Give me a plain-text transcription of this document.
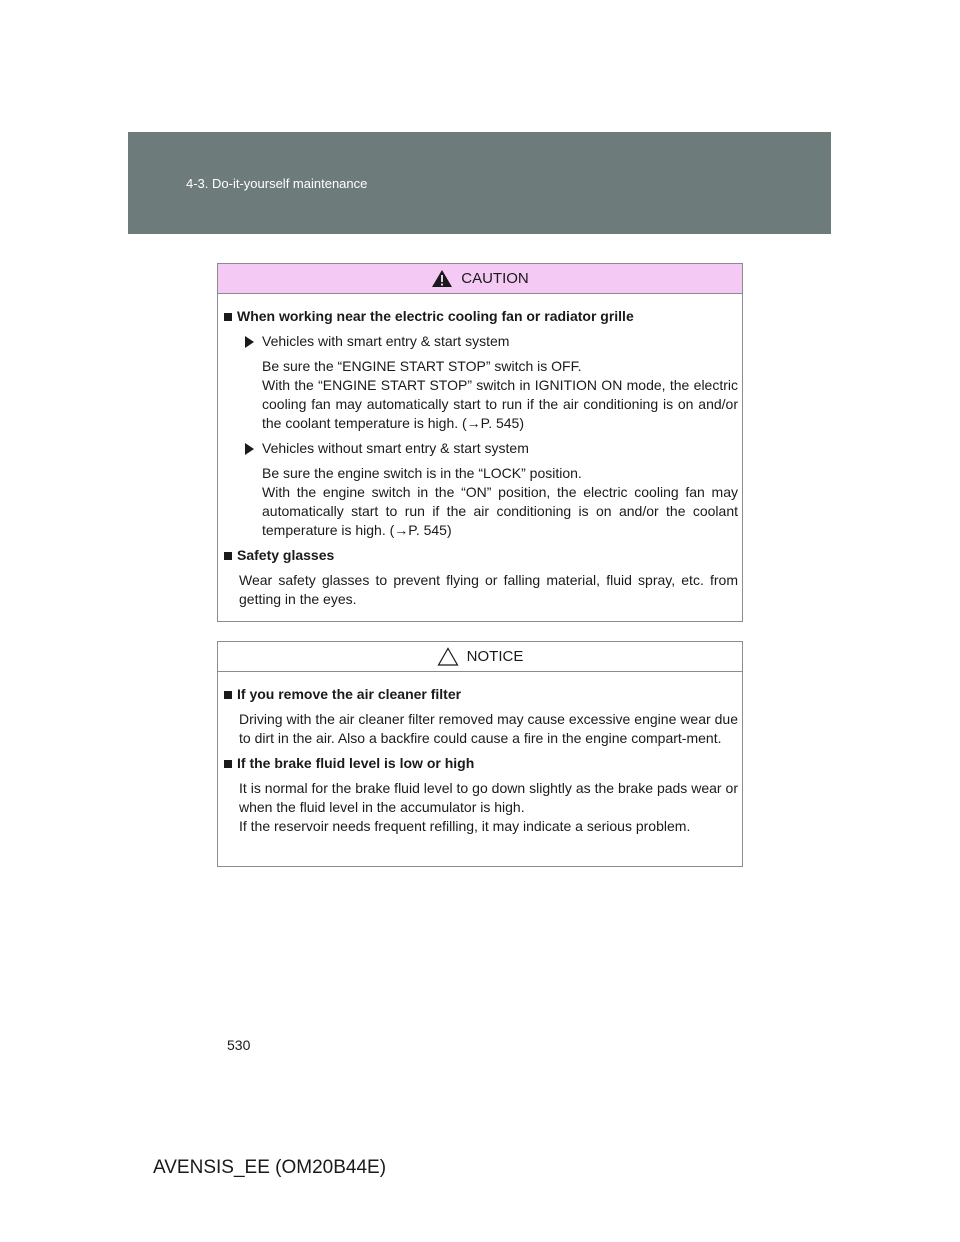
4-3. Do-it-yourself maintenance
CAUTION
When working near the electric cooling fan or radiator grille
Vehicles with smart entry & start system
Be sure the “ENGINE START STOP” switch is OFF.
With the “ENGINE START STOP” switch in IGNITION ON mode, the electric cooling fan may automatically start to run if the air conditioning is on and/or the coolant temperature is high. (→P. 545)
Vehicles without smart entry & start system
Be sure the engine switch is in the “LOCK” position.
With the engine switch in the “ON” position, the electric cooling fan may automatically start to run if the air conditioning is on and/or the coolant temperature is high. (→P. 545)
Safety glasses
Wear safety glasses to prevent flying or falling material, fluid spray, etc. from getting in the eyes.
NOTICE
If you remove the air cleaner filter
Driving with the air cleaner filter removed may cause excessive engine wear due to dirt in the air. Also a backfire could cause a fire in the engine compart-ment.
If the brake fluid level is low or high
It is normal for the brake fluid level to go down slightly as the brake pads wear or when the fluid level in the accumulator is high.
If the reservoir needs frequent refilling, it may indicate a serious problem.
530
AVENSIS_EE (OM20B44E)
